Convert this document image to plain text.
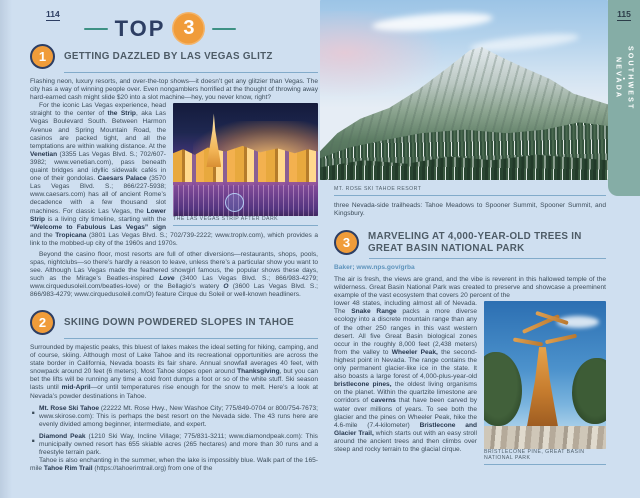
114
TOP 3
1 GETTING DAZZLED BY LAS VEGAS GLITZ

Flashing neon, luxury resorts, and over-the-top shows—it doesn’t get any glitzier than Vegas. The city has a way of winning people over. Even nongamblers horrified at the thought of throwing away hard-earned cash might slide $20 into a slot machine—hey, you never know, right?

THE LAS VEGAS STRIP AFTER DARK

For the iconic Las Vegas experience, head straight to the center of the Strip, aka Las Vegas Boulevard South. Between Harmon Avenue and Spring Mountain Road, the casinos are packed tight, and all the temptations are within walking distance. At the Venetian (3355 Las Vegas Blvd. S.; 702/607-3982; www.venetian.com), pass beneath quaint bridges and idyllic sidewalk cafés in one of their gondolas. Caesars Palace (3570 Las Vegas Blvd. S.; 866/227-5938; www.caesars.com) has all of ancient Rome’s decadence with a few thousand slot machines. For classic Las Vegas, the Lower Strip is a living city timeline, starting with the “Welcome to Fabulous Las Vegas” sign and the Tropicana (3801 Las Vegas Blvd. S.; 702/739-2222; www.troplv.com), which provides a link to the mobbed-up city of the 1960s and 1970s.

Beyond the casino floor, most resorts are full of other diversions—restaurants, shops, pools, spas, nightclubs—so there’s hardly a reason to leave, unless there’s a particular show you want to see. Although Las Vegas made the feathered showgirl famous, the popular shows these days, such as the Mirage’s Beatles-inspired Love (3400 Las Vegas Blvd. S.; 866/983-4279; www.cirquedusoleil.com/beatles-love) or the Bellagio’s watery O (3600 Las Vegas Blvd. S.; 866/983-4279; www.cirquedusoleil.com/O) feature Cirque du Soleil or well-known headliners.

2 SKIING DOWN POWDERED SLOPES IN TAHOE

Surrounded by majestic peaks, this bluest of lakes makes the ideal setting for hiking, camping, and of course, skiing. Although most of Lake Tahoe and its recreational opportunities are across the state border in California, Nevada boasts its fair share. Annual snowfall averages 40 feet, with snowpack around 20 feet (6 meters). Most Tahoe slopes open around Thanksgiving, but you can bet the lifts will be running any time a cold front dumps a foot or so of the white stuff. Ski season lasts until mid-April—or until temperatures rise enough for the snow to melt. Here’s a look at Nevada’s powder destinations in Tahoe.

· Mt. Rose Ski Tahoe (22222 Mt. Rose Hwy., New Washoe City; 775/849-0704 or 800/754-7673; www.skirose.com): This is perhaps the best resort on the Nevada side. The 43 runs here are evenly divided among beginner, intermediate, and expert.

· Diamond Peak (1210 Ski Way, Incline Village; 775/831-3211; www.diamondpeak.com): This municipally owned resort has 655 skiable acres (265 hectares) and more than 30 runs and a freestyle terrain park.

Tahoe is also enchanting in the summer, when the lake is impossibly blue. Walk part of the 165-mile Tahoe Rim Trail (https://tahoerimtrail.org) from one of the

MT. ROSE SKI TAHOE RESORT

three Nevada-side trailheads: Tahoe Meadows to Spooner Summit, Spooner Summit, and Kingsbury.

3 MARVELING AT 4,000-YEAR-OLD TREES IN
GREAT BASIN NATIONAL PARK
Baker; www.nps.gov/grba

The air is fresh, the views are grand, and the vibe is reverent in this hallowed temple of the wilderness. Great Basin National Park was created to preserve and showcase a preeminent example of the vast ecosystem that covers 20 percent of the

BRISTLECONE PINE, GREAT BASIN NATIONAL PARK

lower 48 states, including almost all of Nevada. The Snake Range packs a more diverse ecology into a discrete mountain range than any of the other 250 ranges in this vast western desert. All five Great Basin biological zones occur in the roughly 8,000 feet (2,438 meters) from the valley to Wheeler Peak, the second-highest point in Nevada. The range contains the only permanent glacier-like ice in the state. It also boasts a large forest of 4,000-plus-year-old bristlecone pines, the oldest living organisms on the planet. Within the quartzite limestone are corridors of caverns that have been carved by water over millions of years. To see both the glacier and the pines on Wheeler Peak, hike the 4.6-mile (7.4-kilometer) Bristlecone and Glacier Trail, which starts out with an easy stroll around the ancient trees and then climbs over steep and rocky terrain to the glacial cirque.

115
SOUTHWEST
●
NEVADA
